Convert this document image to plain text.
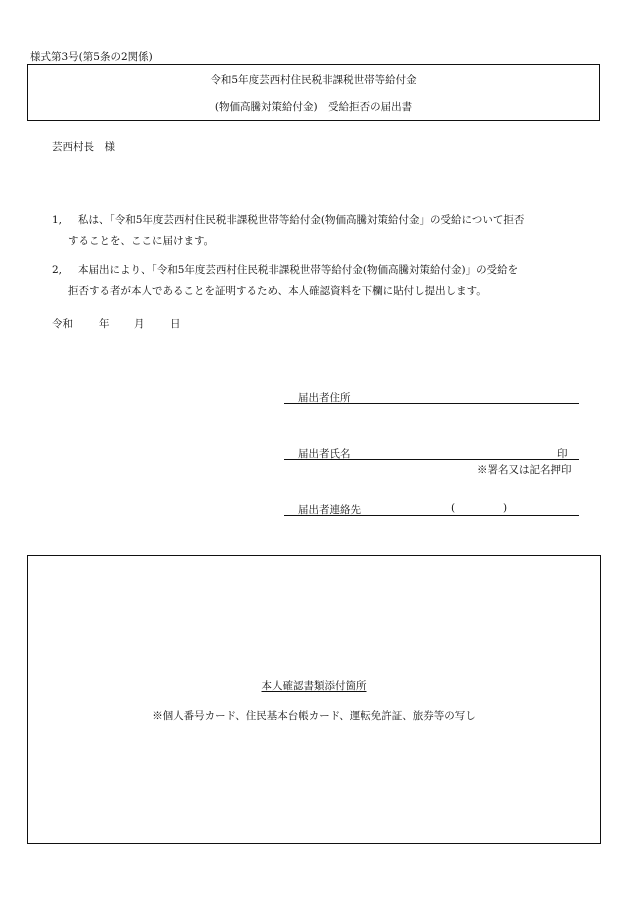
様式第3号(第5条の2関係)
令和5年度芸西村住民税非課税世帯等給付金
(物価高騰対策給付金)　受給拒否の届出書
芸西村長　様
1, 私は、「令和5年度芸西村住民税非課税世帯等給付金(物価高騰対策給付金」の受給について拒否
することを、ここに届けます。
2, 本届出により、「令和5年度芸西村住民税非課税世帯等給付金(物価高騰対策給付金)」の受給を
拒否する者が本人であることを証明するため、本人確認資料を下欄に貼付し提出します。
令和 年 月 日
届出者住所
届出者氏名	印
※署名又は記名押印
届出者連絡先	(	)
本人確認書類添付箇所
※個人番号カード、住民基本台帳カード、運転免許証、旅券等の写し
